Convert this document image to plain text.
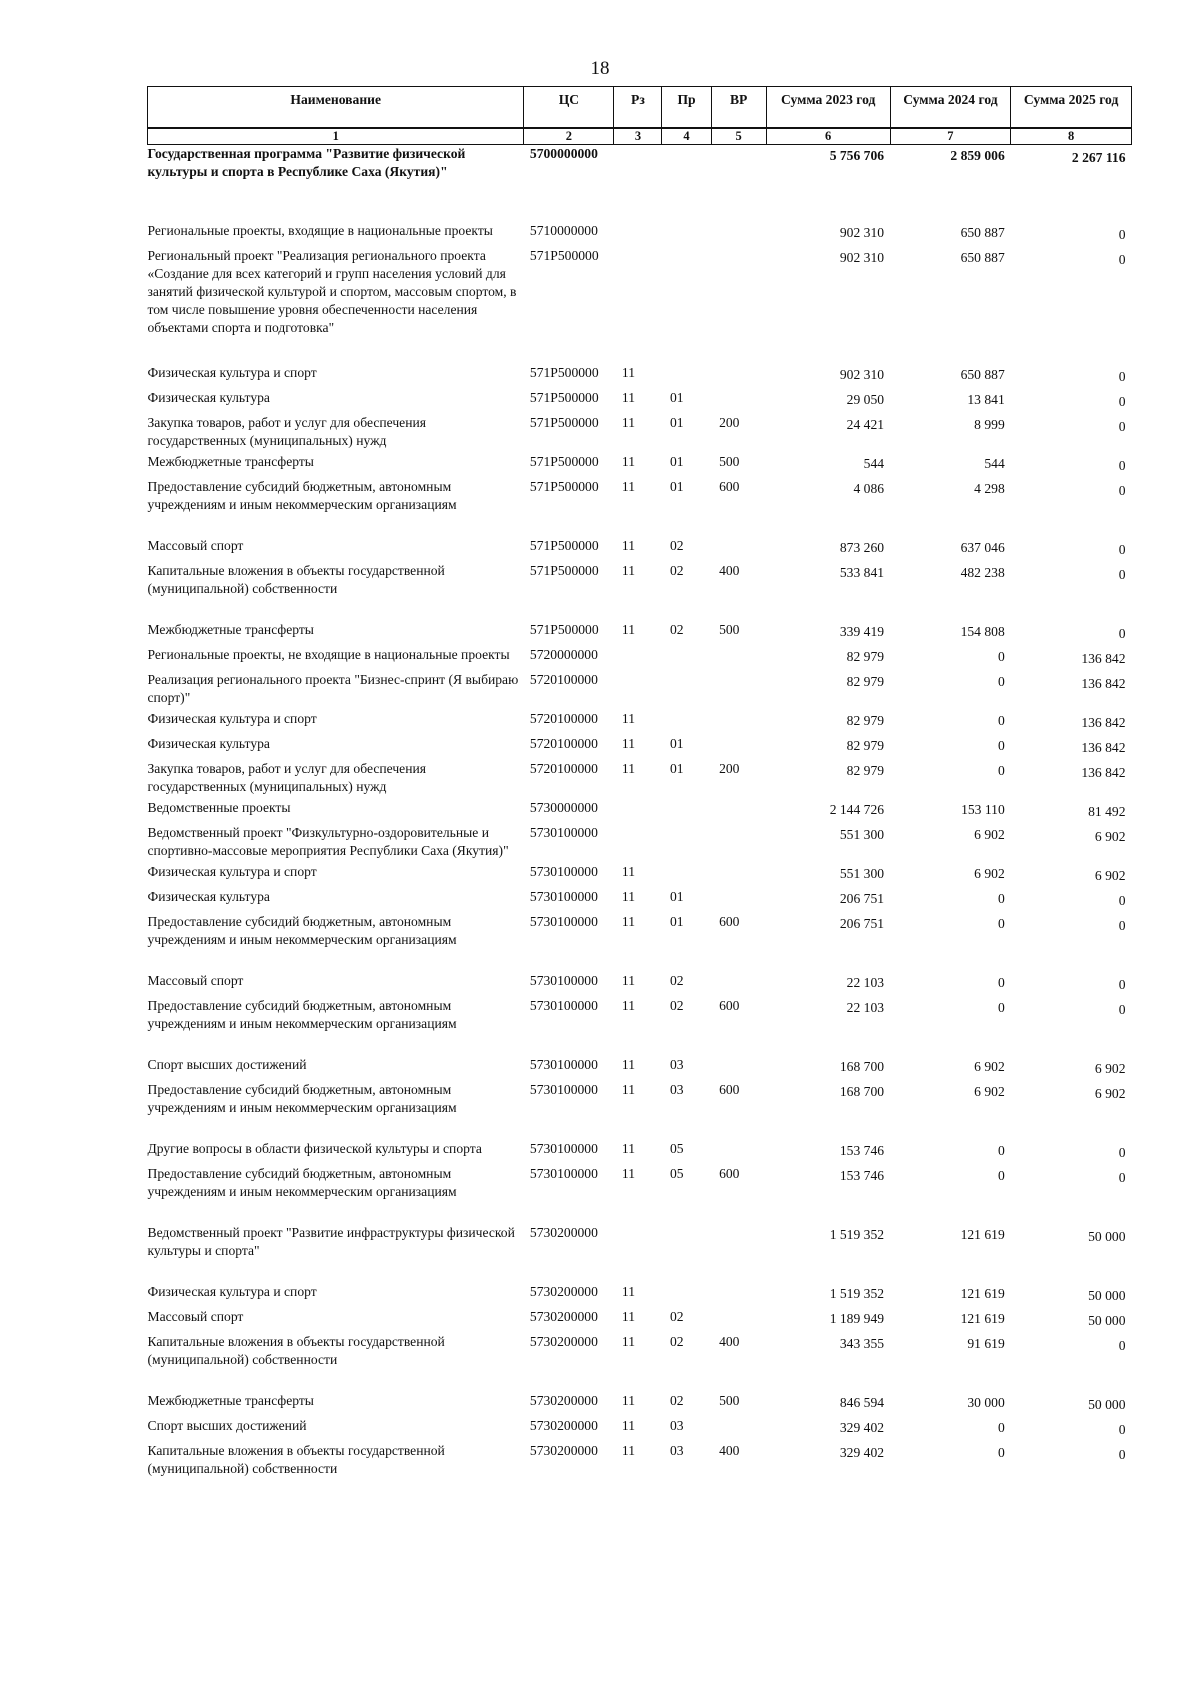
18
Наименование	ЦС	Рз	Пр	ВР	Сумма 2023 год	Сумма 2024 год	Сумма 2025 год
1	2	3	4	5	6	7	8
Государственная программа "Развитие физической культуры и спорта в Республике Саха (Якутия)"	5700000000				5 756 706	2 859 006	2 267 116
Региональные проекты, входящие в национальные проекты	5710000000				902 310	650 887	0
Региональный проект "Реализация регионального проекта «Создание для всех категорий и групп населения условий для занятий физической культурой и спортом, массовым спортом, в том числе повышение уровня обеспеченности населения объектами спорта и подготовка"	571P500000				902 310	650 887	0
Физическая культура и спорт	571P500000	11			902 310	650 887	0
Физическая культура	571P500000	11	01		29 050	13 841	0
Закупка товаров, работ и услуг для обеспечения государственных (муниципальных) нужд	571P500000	11	01	200	24 421	8 999	0
Межбюджетные трансферты	571P500000	11	01	500	544	544	0
Предоставление субсидий бюджетным, автономным учреждениям и иным некоммерческим организациям	571P500000	11	01	600	4 086	4 298	0
Массовый спорт	571P500000	11	02		873 260	637 046	0
Капитальные вложения в объекты государственной (муниципальной) собственности	571P500000	11	02	400	533 841	482 238	0
Межбюджетные трансферты	571P500000	11	02	500	339 419	154 808	0
Региональные проекты, не входящие в национальные проекты	5720000000				82 979	0	136 842
Реализация регионального проекта "Бизнес-спринт (Я выбираю спорт)"	5720100000				82 979	0	136 842
Физическая культура и спорт	5720100000	11			82 979	0	136 842
Физическая культура	5720100000	11	01		82 979	0	136 842
Закупка товаров, работ и услуг для обеспечения государственных (муниципальных) нужд	5720100000	11	01	200	82 979	0	136 842
Ведомственные проекты	5730000000				2 144 726	153 110	81 492
Ведомственный проект "Физкультурно-оздоровительные и спортивно-массовые мероприятия Республики Саха (Якутия)"	5730100000				551 300	6 902	6 902
Физическая культура и спорт	5730100000	11			551 300	6 902	6 902
Физическая культура	5730100000	11	01		206 751	0	0
Предоставление субсидий бюджетным, автономным учреждениям и иным некоммерческим организациям	5730100000	11	01	600	206 751	0	0
Массовый спорт	5730100000	11	02		22 103	0	0
Предоставление субсидий бюджетным, автономным учреждениям и иным некоммерческим организациям	5730100000	11	02	600	22 103	0	0
Спорт высших достижений	5730100000	11	03		168 700	6 902	6 902
Предоставление субсидий бюджетным, автономным учреждениям и иным некоммерческим организациям	5730100000	11	03	600	168 700	6 902	6 902
Другие вопросы в области физической культуры и спорта	5730100000	11	05		153 746	0	0
Предоставление субсидий бюджетным, автономным учреждениям и иным некоммерческим организациям	5730100000	11	05	600	153 746	0	0
Ведомственный проект "Развитие инфраструктуры физической культуры и спорта"	5730200000				1 519 352	121 619	50 000
Физическая культура и спорт	5730200000	11			1 519 352	121 619	50 000
Массовый спорт	5730200000	11	02		1 189 949	121 619	50 000
Капитальные вложения в объекты государственной (муниципальной) собственности	5730200000	11	02	400	343 355	91 619	0
Межбюджетные трансферты	5730200000	11	02	500	846 594	30 000	50 000
Спорт высших достижений	5730200000	11	03		329 402	0	0
Капитальные вложения в объекты государственной (муниципальной) собственности	5730200000	11	03	400	329 402	0	0
